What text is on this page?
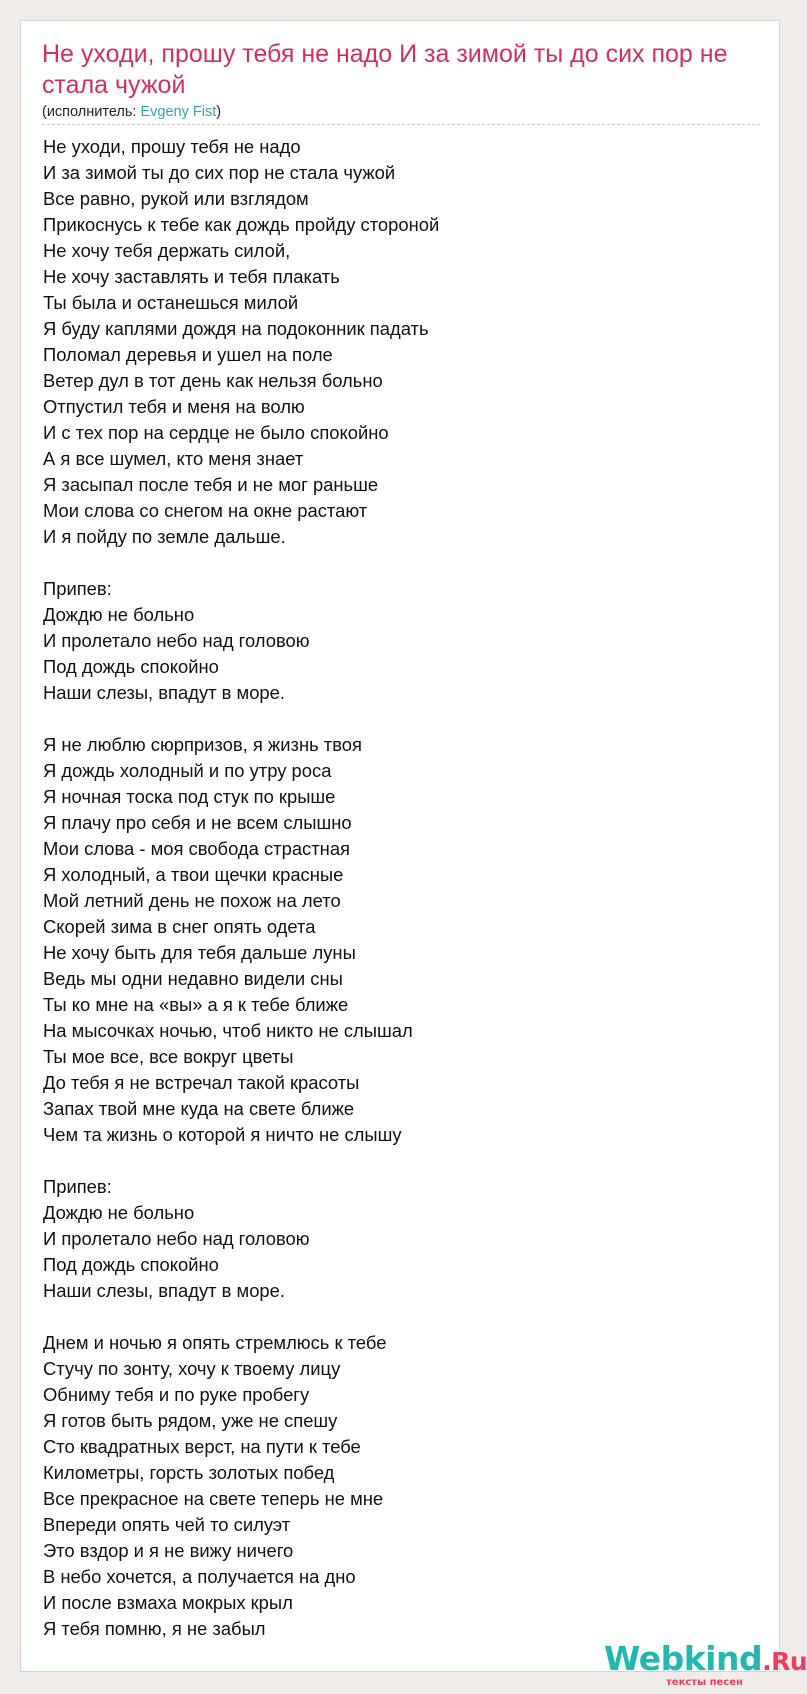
Не уходи, прошу тебя не надо И за зимой ты до сих пор не стала чужой
(исполнитель: Evgeny Fist)
Не уходи, прошу тебя не надо
И за зимой ты до сих пор не стала чужой
Все равно, рукой или взглядом
Прикоснусь к тебе как дождь пройду стороной
Не хочу тебя держать силой,
Не хочу заставлять и тебя плакать
Ты была и останешься милой
Я буду каплями дождя на подоконник падать
Поломал деревья и ушел на поле
Ветер дул в тот день как нельзя больно
Отпустил тебя и меня на волю
И с тех пор на сердце не было спокойно
А я все шумел, кто меня знает
Я засыпал после тебя и не мог раньше
Мои слова со снегом на окне растают
И я пойду по земле дальше.
Припев:
Дождю не больно
И пролетало небо над головою
Под дождь спокойно
Наши слезы, впадут в море.
Я не люблю сюрпризов, я жизнь твоя
Я дождь холодный и по утру роса
Я ночная тоска под стук по крыше
Я плачу про себя и не всем слышно
Мои слова - моя свобода страстная
Я холодный, а твои щечки красные
Мой летний день не похож на лето
Скорей зима в снег опять одета
Не хочу быть для тебя дальше луны
Ведь мы одни недавно видели сны
Ты ко мне на «вы» а я к тебе ближе
На мысочках ночью, чтоб никто не слышал
Ты мое все, все вокруг цветы
До тебя я не встречал такой красоты
Запах твой мне куда на свете ближе
Чем та жизнь о которой я ничто не слышу
Припев:
Дождю не больно
И пролетало небо над головою
Под дождь спокойно
Наши слезы, впадут в море.
Днем и ночью я опять стремлюсь к тебе
Стучу по зонту, хочу к твоему лицу
Обниму тебя и по руке пробегу
Я готов быть рядом, уже не спешу
Сто квадратных верст, на пути к тебе
Километры, горсть золотых побед
Все прекрасное на свете теперь не мне
Впереди опять чей то силуэт
Это вздор и я не вижу ничего
В небо хочется, а получается на дно
И после взмаха мокрых крыл
Я тебя помню, я не забыл
Webkind.Ru
тексты песен
